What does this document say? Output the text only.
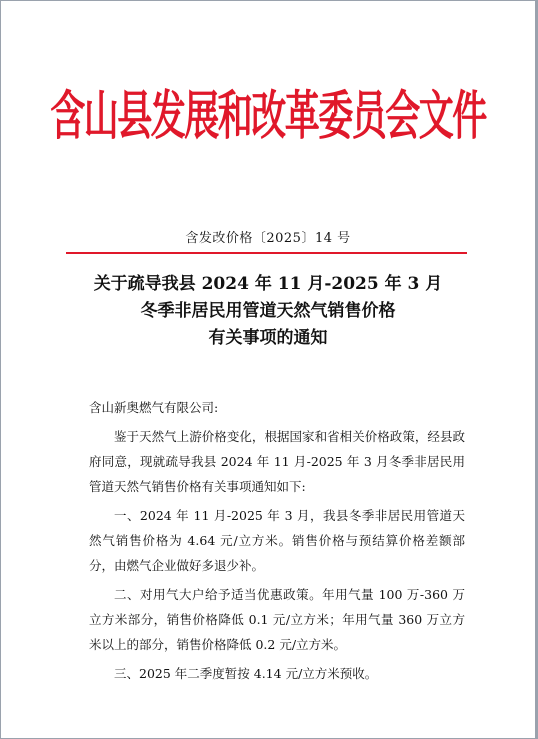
含山县发展和改革委员会文件
含发改价格〔2025〕14 号
关于疏导我县 2024 年 11 月-2025 年 3 月
冬季非居民用管道天然气销售价格
有关事项的通知
含山新奥燃气有限公司:
鉴于天然气上游价格变化，根据国家和省相关价格政策，经县政府同意，现就疏导我县 2024 年 11 月-2025 年 3 月冬季非居民用管道天然气销售价格有关事项通知如下:
一、2024 年 11 月-2025 年 3 月，我县冬季非居民用管道天然气销售价格为 4.64 元/立方米。销售价格与预结算价格差额部分，由燃气企业做好多退少补。
二、对用气大户给予适当优惠政策。年用气量 100 万-360 万立方米部分，销售价格降低 0.1 元/立方米；年用气量 360 万立方米以上的部分，销售价格降低 0.2 元/立方米。
三、2025 年二季度暂按 4.14 元/立方米预收。
